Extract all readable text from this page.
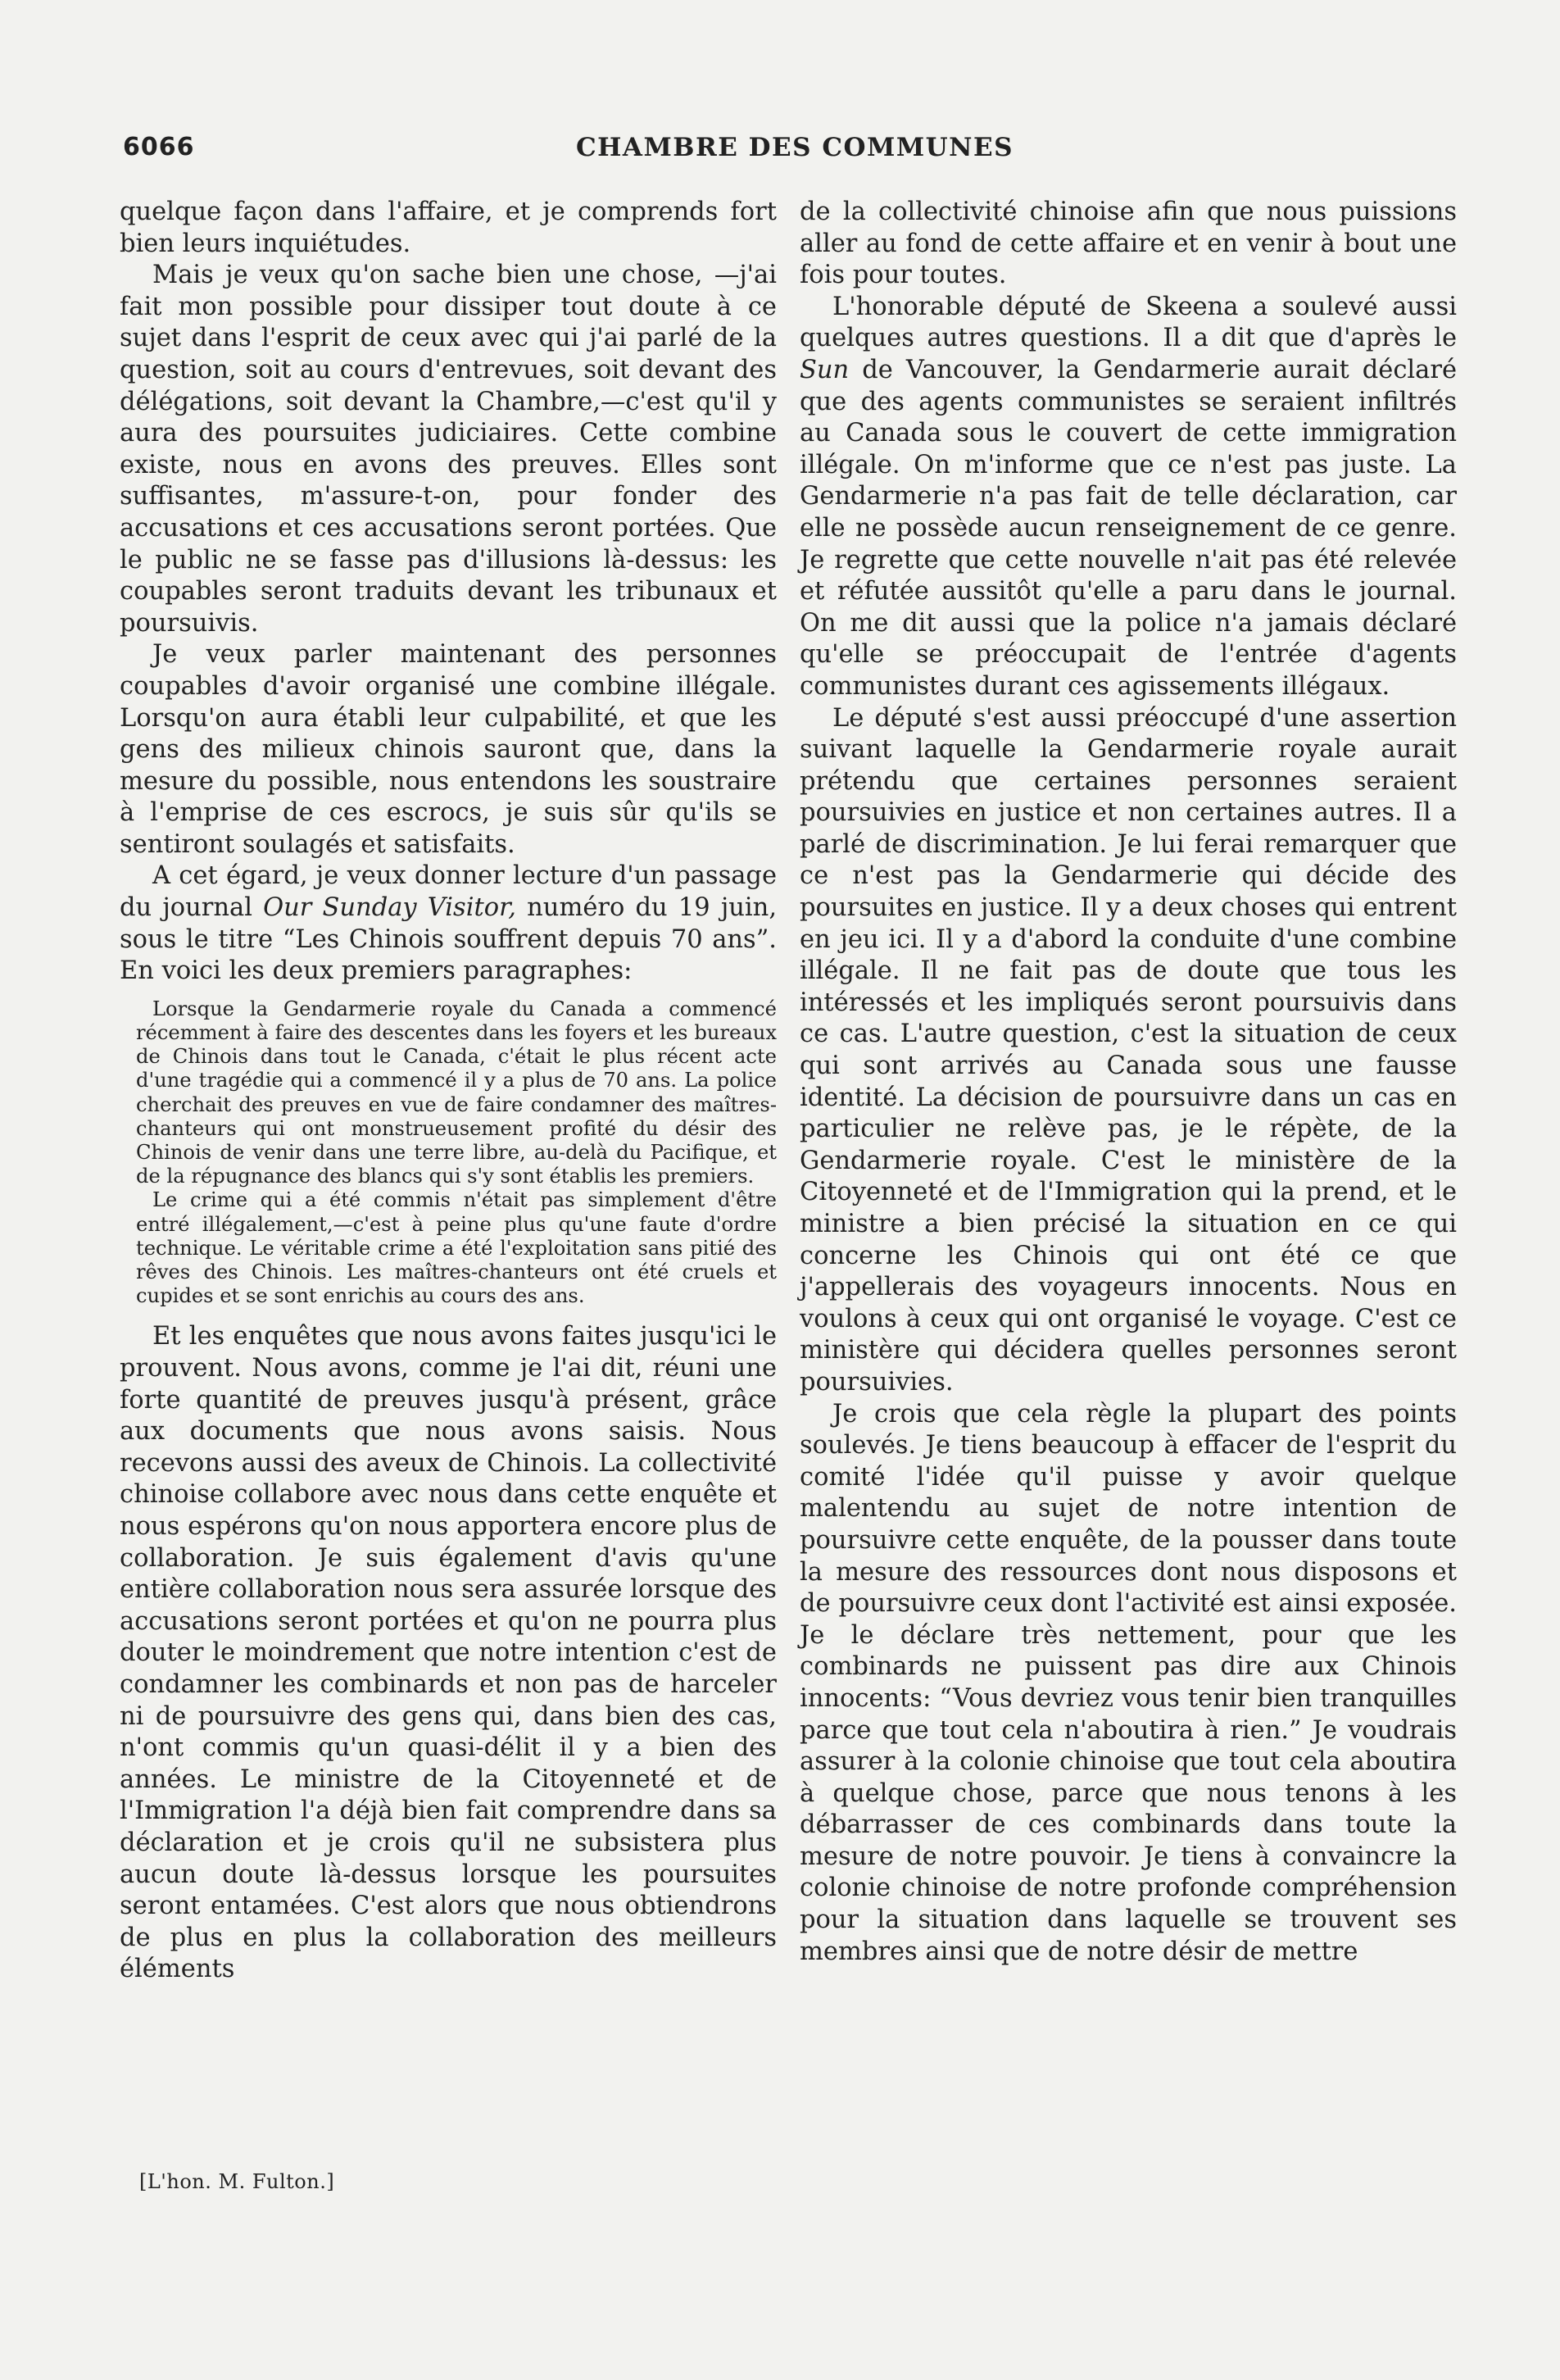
6066	CHAMBRE DES COMMUNES

quelque façon dans l'affaire, et je comprends fort bien leurs inquiétudes.

Mais je veux qu'on sache bien une chose, —j'ai fait mon possible pour dissiper tout doute à ce sujet dans l'esprit de ceux avec qui j'ai parlé de la question, soit au cours d'entrevues, soit devant des délégations, soit devant la Chambre,—c'est qu'il y aura des poursuites judiciaires. Cette combine existe, nous en avons des preuves. Elles sont suffisantes, m'assure-t-on, pour fonder des accusations et ces accusations seront portées. Que le public ne se fasse pas d'illusions là-dessus: les coupables seront traduits devant les tribunaux et poursuivis.

Je veux parler maintenant des personnes coupables d'avoir organisé une combine illégale. Lorsqu'on aura établi leur culpabilité, et que les gens des milieux chinois sauront que, dans la mesure du possible, nous entendons les soustraire à l'emprise de ces escrocs, je suis sûr qu'ils se sentiront soulagés et satisfaits.

A cet égard, je veux donner lecture d'un passage du journal Our Sunday Visitor, numéro du 19 juin, sous le titre “Les Chinois souffrent depuis 70 ans”. En voici les deux premiers paragraphes:

Lorsque la Gendarmerie royale du Canada a commencé récemment à faire des descentes dans les foyers et les bureaux de Chinois dans tout le Canada, c'était le plus récent acte d'une tragédie qui a commencé il y a plus de 70 ans. La police cherchait des preuves en vue de faire condamner des maîtres-chanteurs qui ont monstrueusement profité du désir des Chinois de venir dans une terre libre, au-delà du Pacifique, et de la répugnance des blancs qui s'y sont établis les premiers.

Le crime qui a été commis n'était pas simplement d'être entré illégalement,—c'est à peine plus qu'une faute d'ordre technique. Le véritable crime a été l'exploitation sans pitié des rêves des Chinois. Les maîtres-chanteurs ont été cruels et cupides et se sont enrichis au cours des ans.

Et les enquêtes que nous avons faites jusqu'ici le prouvent. Nous avons, comme je l'ai dit, réuni une forte quantité de preuves jusqu'à présent, grâce aux documents que nous avons saisis. Nous recevons aussi des aveux de Chinois. La collectivité chinoise collabore avec nous dans cette enquête et nous espérons qu'on nous apportera encore plus de collaboration. Je suis également d'avis qu'une entière collaboration nous sera assurée lorsque des accusations seront portées et qu'on ne pourra plus douter le moindrement que notre intention c'est de condamner les combinards et non pas de harceler ni de poursuivre des gens qui, dans bien des cas, n'ont commis qu'un quasi-délit il y a bien des années. Le ministre de la Citoyenneté et de l'Immigration l'a déjà bien fait comprendre dans sa déclaration et je crois qu'il ne subsistera plus aucun doute là-dessus lorsque les poursuites seront entamées. C'est alors que nous obtiendrons de plus en plus la collaboration des meilleurs éléments

de la collectivité chinoise afin que nous puissions aller au fond de cette affaire et en venir à bout une fois pour toutes.

L'honorable député de Skeena a soulevé aussi quelques autres questions. Il a dit que d'après le Sun de Vancouver, la Gendarmerie aurait déclaré que des agents communistes se seraient infiltrés au Canada sous le couvert de cette immigration illégale. On m'informe que ce n'est pas juste. La Gendarmerie n'a pas fait de telle déclaration, car elle ne possède aucun renseignement de ce genre. Je regrette que cette nouvelle n'ait pas été relevée et réfutée aussitôt qu'elle a paru dans le journal. On me dit aussi que la police n'a jamais déclaré qu'elle se préoccupait de l'entrée d'agents communistes durant ces agissements illégaux.

Le député s'est aussi préoccupé d'une assertion suivant laquelle la Gendarmerie royale aurait prétendu que certaines personnes seraient poursuivies en justice et non certaines autres. Il a parlé de discrimination. Je lui ferai remarquer que ce n'est pas la Gendarmerie qui décide des poursuites en justice. Il y a deux choses qui entrent en jeu ici. Il y a d'abord la conduite d'une combine illégale. Il ne fait pas de doute que tous les intéressés et les impliqués seront poursuivis dans ce cas. L'autre question, c'est la situation de ceux qui sont arrivés au Canada sous une fausse identité. La décision de poursuivre dans un cas en particulier ne relève pas, je le répète, de la Gendarmerie royale. C'est le ministère de la Citoyenneté et de l'Immigration qui la prend, et le ministre a bien précisé la situation en ce qui concerne les Chinois qui ont été ce que j'appellerais des voyageurs innocents. Nous en voulons à ceux qui ont organisé le voyage. C'est ce ministère qui décidera quelles personnes seront poursuivies.

Je crois que cela règle la plupart des points soulevés. Je tiens beaucoup à effacer de l'esprit du comité l'idée qu'il puisse y avoir quelque malentendu au sujet de notre intention de poursuivre cette enquête, de la pousser dans toute la mesure des ressources dont nous disposons et de poursuivre ceux dont l'activité est ainsi exposée. Je le déclare très nettement, pour que les combinards ne puissent pas dire aux Chinois innocents: “Vous devriez vous tenir bien tranquilles parce que tout cela n'aboutira à rien.” Je voudrais assurer à la colonie chinoise que tout cela aboutira à quelque chose, parce que nous tenons à les débarrasser de ces combinards dans toute la mesure de notre pouvoir. Je tiens à convaincre la colonie chinoise de notre profonde compréhension pour la situation dans laquelle se trouvent ses membres ainsi que de notre désir de mettre

[L'hon. M. Fulton.]
